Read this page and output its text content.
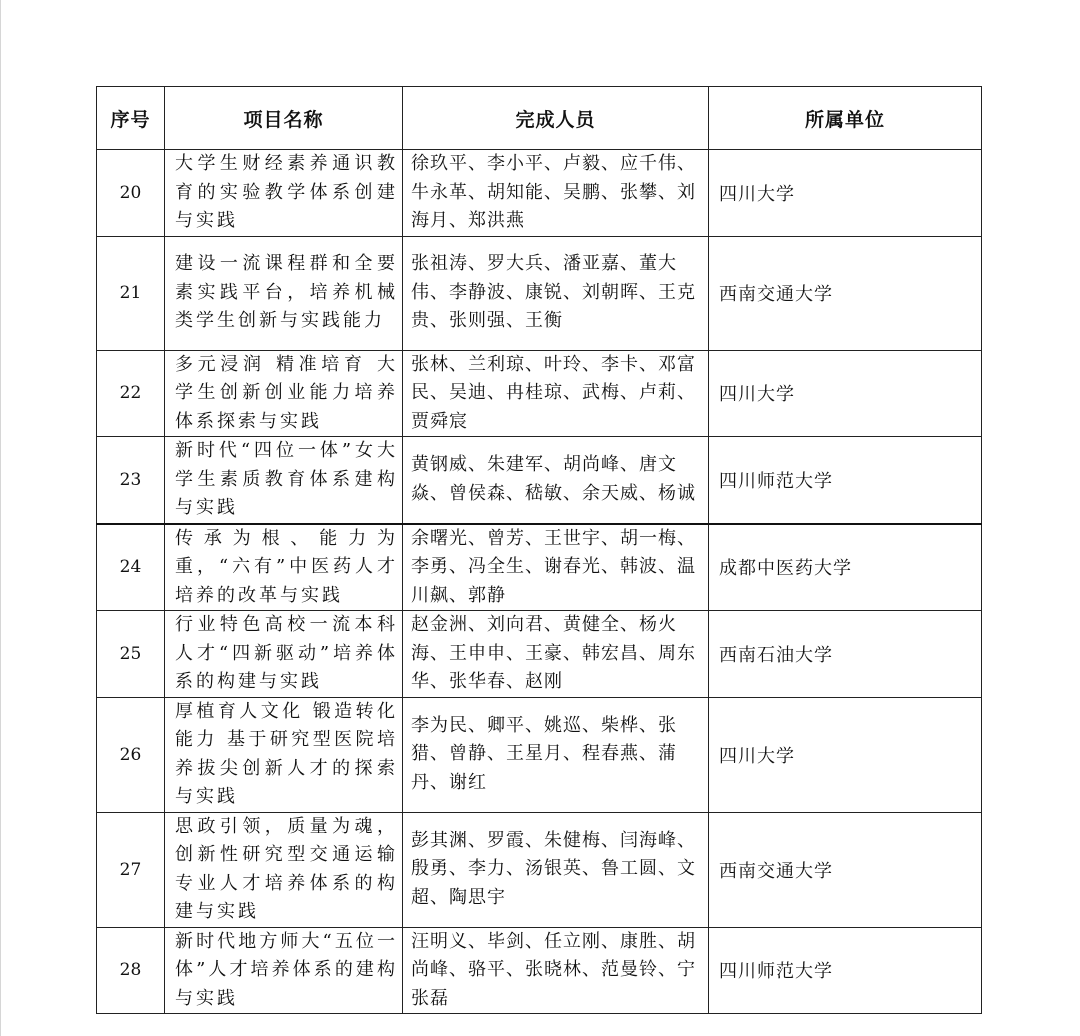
序号	项目名称	完成人员	所属单位
20	大学生财经素养通识教育的实验教学体系创建与实践	徐玖平、李小平、卢毅、应千伟、牛永革、胡知能、吴鹏、张攀、刘海月、郑洪燕	四川大学
21	建设一流课程群和全要素实践平台，培养机械类学生创新与实践能力	张祖涛、罗大兵、潘亚嘉、董大伟、李静波、康锐、刘朝晖、王克贵、张则强、王衡	西南交通大学
22	多元浸润 精准培育 大学生创新创业能力培养体系探索与实践	张林、兰利琼、叶玲、李卡、邓富民、吴迪、冉桂琼、武梅、卢莉、贾舜宸	四川大学
23	新时代“四位一体”女大学生素质教育体系建构与实践	黄钢威、朱建军、胡尚峰、唐文焱、曾侯森、嵇敏、余天威、杨诚	四川师范大学
24	传承为根、能力为重，“六有”中医药人才培养的改革与实践	余曙光、曾芳、王世宇、胡一梅、李勇、冯全生、谢春光、韩波、温川飙、郭静	成都中医药大学
25	行业特色高校一流本科人才“四新驱动”培养体系的构建与实践	赵金洲、刘向君、黄健全、杨火海、王申申、王豪、韩宏昌、周东华、张华春、赵刚	西南石油大学
26	厚植育人文化 锻造转化能力 基于研究型医院培养拔尖创新人才的探索与实践	李为民、卿平、姚巡、柴桦、张猎、曾静、王星月、程春燕、蒲丹、谢红	四川大学
27	思政引领，质量为魂，创新性研究型交通运输专业人才培养体系的构建与实践	彭其渊、罗霞、朱健梅、闫海峰、殷勇、李力、汤银英、鲁工圆、文超、陶思宇	西南交通大学
28	新时代地方师大“五位一体”人才培养体系的建构与实践	汪明义、毕剑、任立刚、康胜、胡尚峰、骆平、张晓林、范曼铃、宁张磊	四川师范大学
